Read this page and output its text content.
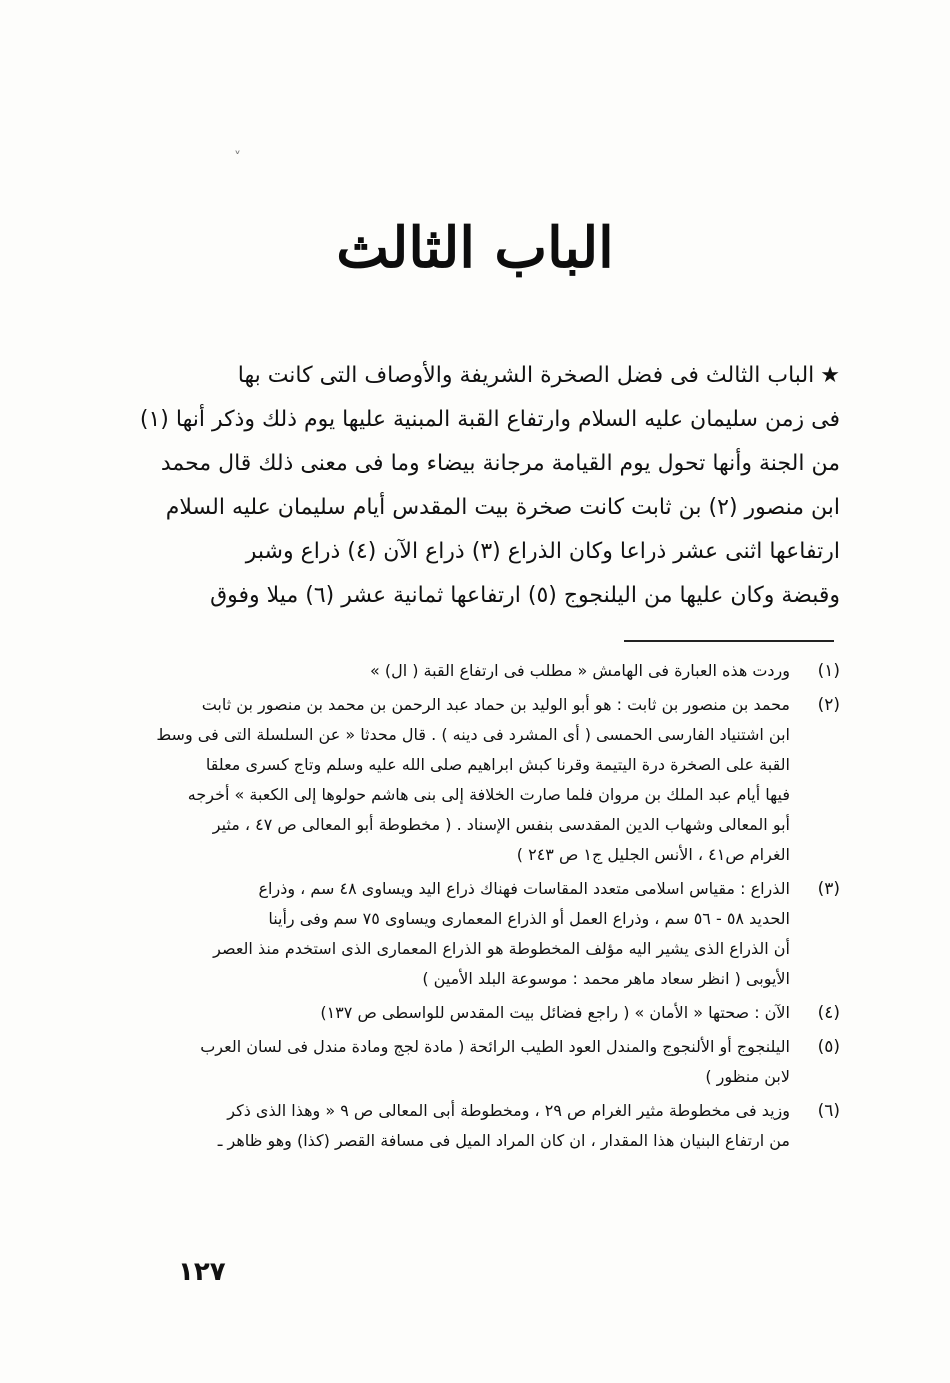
˅
الباب الثالث
★الباب الثالث فى فضل الصخرة الشريفة والأوصاف التى كانت بها
فى زمن سليمان عليه السلام وارتفاع القبة المبنية عليها يوم ذلك وذكر أنها (١)
من الجنة وأنها تحول يوم القيامة مرجانة بيضاء وما فى معنى ذلك قال محمد
ابن منصور (٢) بن ثابت كانت صخرة بيت المقدس أيام سليمان عليه السلام
ارتفاعها اثنى عشر ذراعا وكان الذراع (٣) ذراع الآن (٤) ذراع وشبر
وقبضة وكان عليها من اليلنجوج (٥) ارتفاعها ثمانية عشر (٦) ميلا وفوق
(١)
وردت هذه العبارة فى الهامش « مطلب فى ارتفاع القبة ( ال) »
(٢)
محمد بن منصور بن ثابت : هو أبو الوليد بن حماد عبد الرحمن بن محمد بن منصور بن ثابت
ابن اشتنياد الفارسى الحمسى ( أى المشرد فى دينه ) . قال محدثا « عن السلسلة التى فى وسط
القبة على الصخرة درة اليتيمة وقرنا كبش ابراهيم صلى الله عليه وسلم وتاج كسرى معلقا
فيها أيام عبد الملك بن مروان فلما صارت الخلافة إلى بنى هاشم حولوها إلى الكعبة » أخرجه
أبو المعالى وشهاب الدين المقدسى بنفس الإسناد . ( مخطوطة أبو المعالى ص ٤٧ ، مثير
الغرام ص٤١ ، الأنس الجليل ج١ ص ٢٤٣ )
(٣)
الذراع : مقياس اسلامى متعدد المقاسات فهناك ذراع اليد ويساوى ٤٨ سم ، وذراع
الحديد ٥٨ - ٥٦ سم ، وذراع العمل أو الذراع المعمارى ويساوى ٧٥ سم وفى رأينا
أن الذراع الذى يشير اليه مؤلف المخطوطة هو الذراع المعمارى الذى استخدم منذ العصر
الأيوبى ( انظر سعاد ماهر محمد : موسوعة البلد الأمين )
(٤)
الآن : صحتها « الأمان » ( راجع فضائل بيت المقدس للواسطى ص ١٣٧)
(٥)
اليلنجوج أو الألنجوج والمندل العود الطيب الرائحة ( مادة لجج ومادة مندل فى لسان العرب
لابن منظور )
(٦)
وزيد فى مخطوطة مثير الغرام ص ٢٩ ، ومخطوطة أبى المعالى ص ٩ « وهذا الذى ذكر
من ارتفاع البنيان هذا المقدار ، ان كان المراد الميل فى مسافة القصر (كذا) وهو ظاهر ـ
١٢٧
